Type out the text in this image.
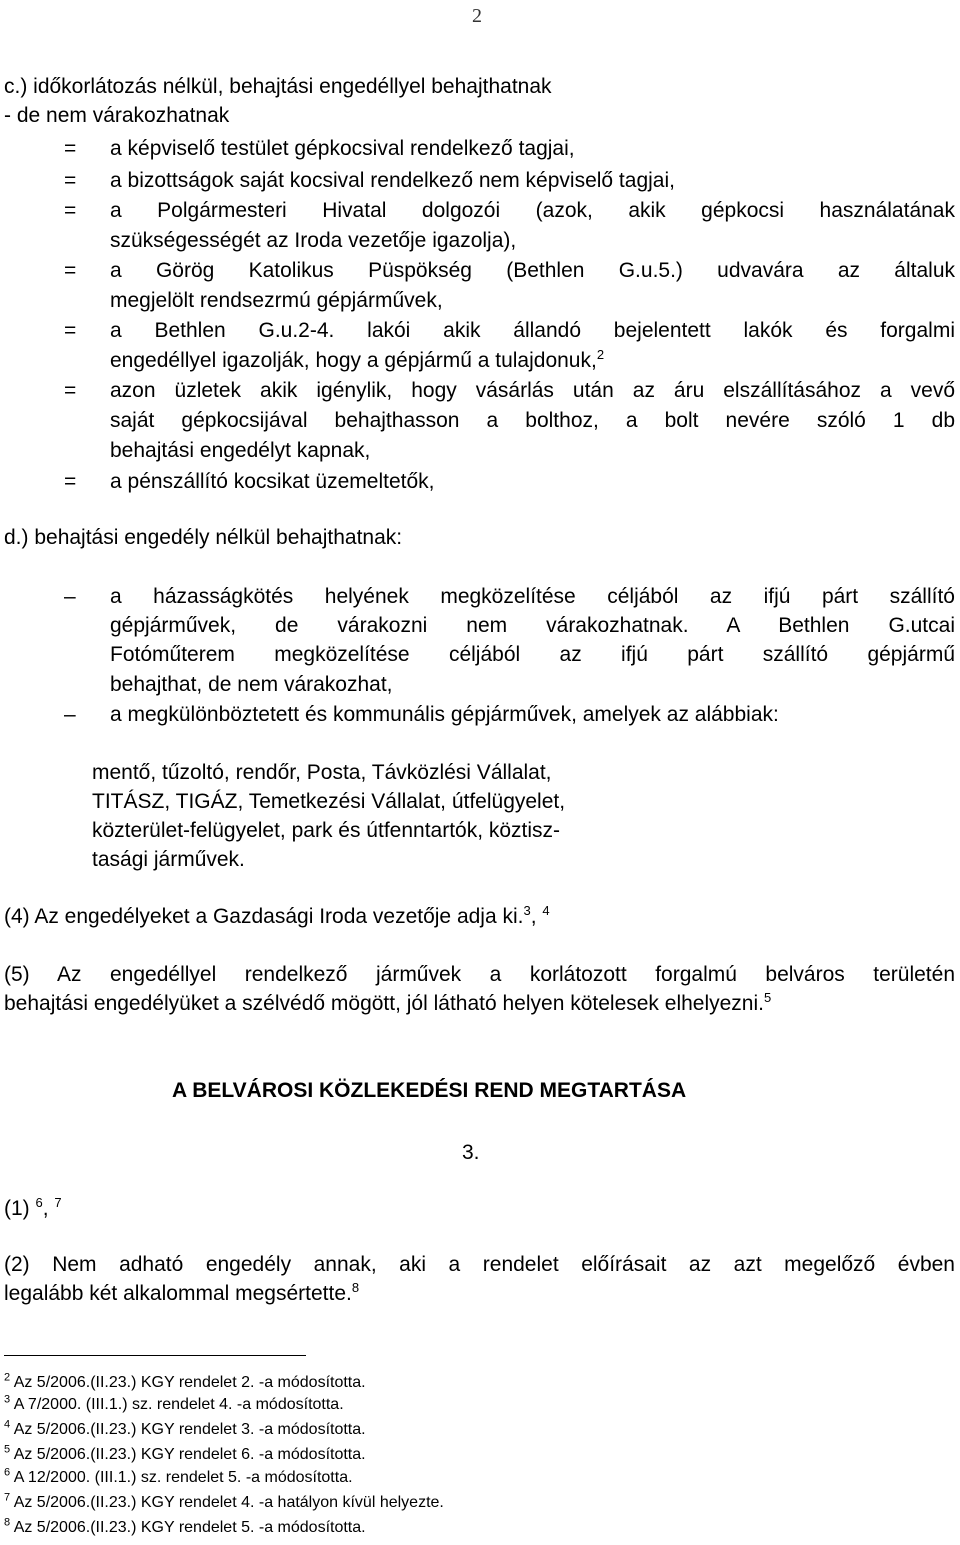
2
c.) időkorlátozás nélkül, behajtási engedéllyel behajthatnak
- de nem várakozhatnak
= a képviselő testület gépkocsival rendelkező tagjai,
= a bizottságok saját kocsival rendelkező nem képviselő tagjai,
= a Polgármesteri Hivatal dolgozói (azok, akik gépkocsi használatának
szükségességét az Iroda vezetője igazolja),
= a Görög Katolikus Püspökség (Bethlen G.u.5.) udvavára az általuk
megjelölt rendsezrmú gépjárművek,
= a Bethlen G.u.2-4. lakói akik állandó bejelentett lakók és forgalmi
engedéllyel igazolják, hogy a gépjármű a tulajdonuk,$^2$
= azon üzletek akik igénylik, hogy vásárlás után az áru elszállításához a vevő
saját gépkocsijával behajthasson a bolthoz, a bolt nevére szóló 1 db
behajtási engedélyt kapnak,
= a pénszállító kocsikat üzemeltetők,
d.) behajtási engedély nélkül behajthatnak:
– a házasságkötés helyének megközelítése céljából az ifjú párt szállító
gépjárművek, de várakozni nem várakozhatnak. A Bethlen G.utcai
Fotóműterem megközelítése céljából az ifjú párt szállító gépjármű
behajthat, de nem várakozhat,
– a megkülönböztetett és kommunális gépjárművek, amelyek az alábbiak:
mentő, tűzoltó, rendőr, Posta, Távközlési Vállalat,
TITÁSZ, TIGÁZ, Temetkezési Vállalat, útfelügyelet,
közterület-felügyelet, park és útfenntartók, köztisz-
tasági járművek.
(4) Az engedélyeket a Gazdasági Iroda vezetője adja ki.$^3$, $^4$
(5) Az engedéllyel rendelkező járművek a korlátozott forgalmú belváros területén
behajtási engedélyüket a szélvédő mögött, jól látható helyen kötelesek elhelyezni.$^5$
A BELVÁROSI KÖZLEKEDÉSI REND MEGTARTÁSA
3.
(1) $^6$, $^7$
(2) Nem adható engedély annak, aki a rendelet előírásait az azt megelőző évben
legalább két alkalommal megsértette.$^8$
$^2$ Az 5/2006.(II.23.) KGY rendelet 2. -a módosította.
$^3$ A 7/2000. (III.1.) sz. rendelet 4. -a módosította.
$^4$ Az 5/2006.(II.23.) KGY rendelet 3. -a módosította.
$^5$ Az 5/2006.(II.23.) KGY rendelet 6. -a módosította.
$^6$ A 12/2000. (III.1.) sz. rendelet 5. -a módosította.
$^7$ Az 5/2006.(II.23.) KGY rendelet 4. -a hatályon kívül helyezte.
$^8$ Az 5/2006.(II.23.) KGY rendelet 5. -a módosította.
